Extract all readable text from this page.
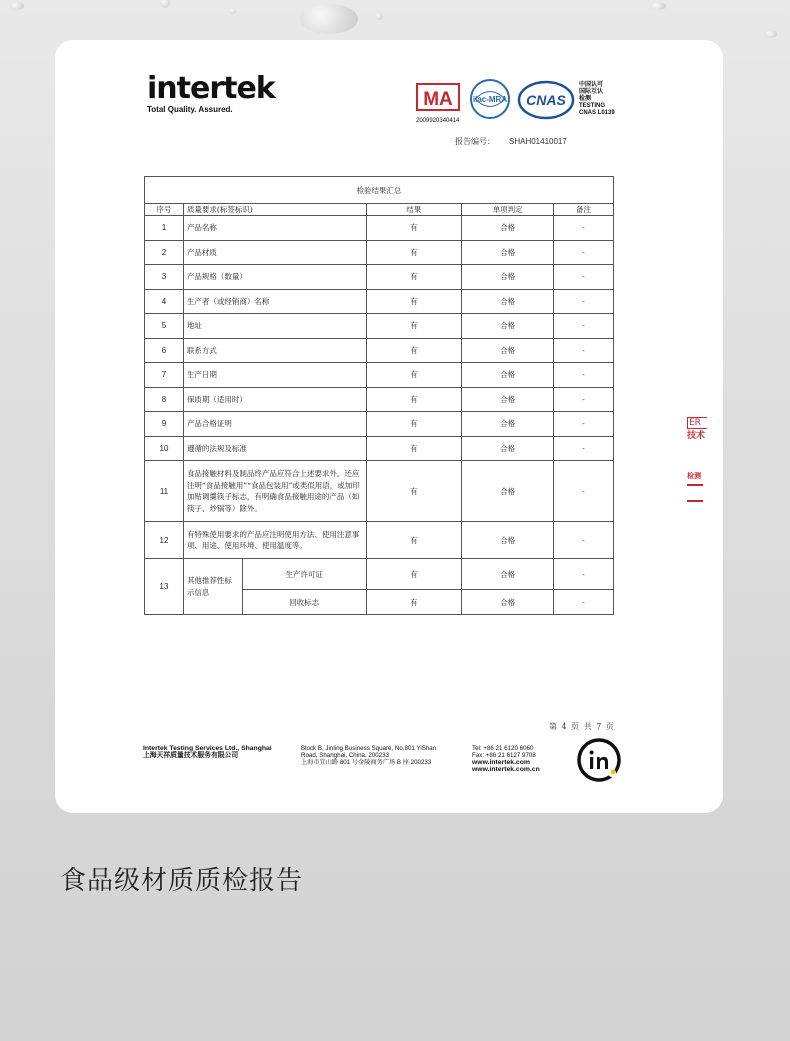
intertek
Total Quality. Assured.	MA
2009920340414
ilac-MRA CNAS
中国认可
国际互认
检测
TESTING
CNAS L0139
报告编号： SHAH01410017
检验结果汇总					
序号	质量要求(标签标识)		结果	单项判定	备注
1	产品名称		有	合格	-
2	产品材质		有	合格	-
3	产品规格（数量）		有	合格	-
4	生产者（或经销商）名称		有	合格	-
5	地址		有	合格	-
6	联系方式		有	合格	-
7	生产日期		有	合格	-
8	保质期（适用时）		有	合格	-
9	产品合格证明		有	合格	-
10	遵循的法规及标准		有	合格	-
11	食品接触材料及制品终产品应符合上述要求外，还应注明“食品接触用”“食品包装用”或类似用语，或加印加贴调羹筷子标志，有明确食品接触用途的产品（如筷子、炒锅等）除外。		有	合格	-
12	有特殊使用要求的产品应注明使用方法、使用注意事项、用途、使用环境、使用温度等。		有	合格	-
13	其他推荐性标示信息	生产许可证	有	合格	-
		回收标志	有	合格	-
第 4 页 共 7 页
Intertek Testing Services Ltd., Shanghai
上海天祥质量技术服务有限公司
Block B, Jinling Business Square, No.801 YiShan
Road, Shanghai, China. 200233
上海市宜山路 801 号金陵商务广场 B 座 200233
Tel: +86 21 6120 6060
Fax: +86 21 6127 9708
www.intertek.com
www.intertek.com.cn
ER
技术
检测
食品级材质质检报告
